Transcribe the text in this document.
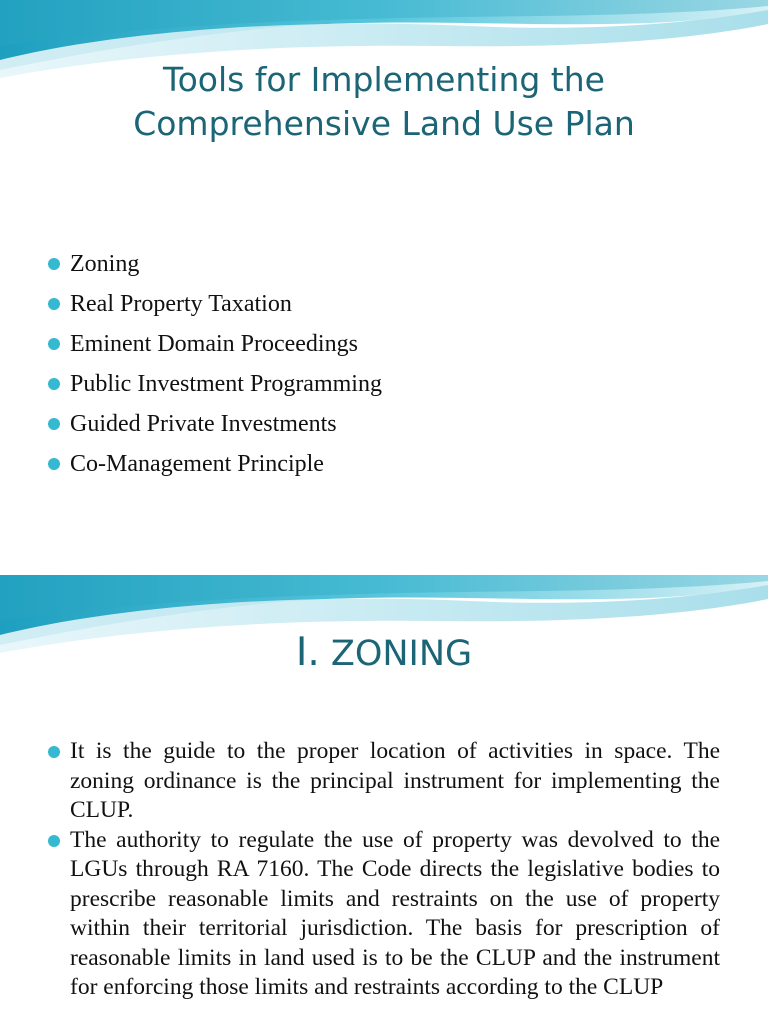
Tools for Implementing the
Comprehensive Land Use Plan
Zoning
Real Property Taxation
Eminent Domain Proceedings
Public Investment Programming
Guided Private Investments
Co-Management Principle
I. ZONING
It is the guide to the proper location of activities in space. The zoning ordinance is the principal instrument for implementing the CLUP.
The authority to regulate the use of property was devolved to the LGUs through RA 7160. The Code directs the legislative bodies to prescribe reasonable limits and restraints on the use of property within their territorial jurisdiction. The basis for prescription of reasonable limits in land used is to be the CLUP and the instrument for enforcing those limits and restraints according to the CLUP
